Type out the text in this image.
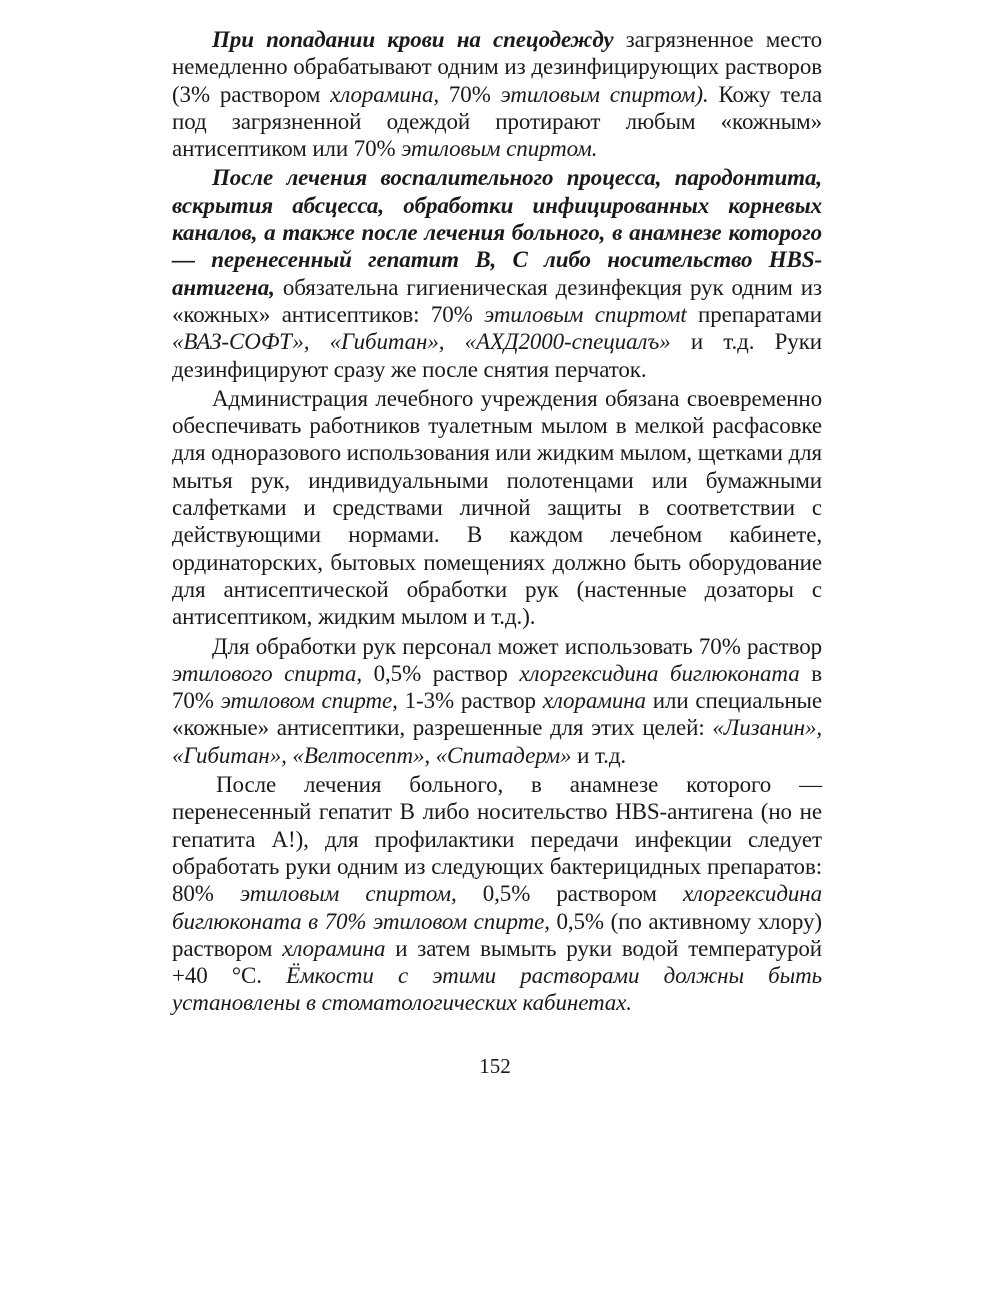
При попадании крови на спецодежду загрязненное место немедленно обрабатывают одним из дезинфицирующих растворов (3% раствором хлорамина, 70% этиловым спиртом). Кожу тела под загрязненной одеждой протирают любым «кожным» антисептиком или 70% этиловым спиртом.

После лечения воспалительного процесса, пародонтита, вскрытия абсцесса, обработки инфицированных корневых каналов, а также после лечения больного, в анамнезе которого — перенесенный гепатит В, С либо носительство HBS-антигена, обязательна гигиеническая дезинфекция рук одним из «кожных» антисептиков: 70% этиловым спиртомt препаратами «ВАЗ-СОФТ», «Гибитан», «АХД2000-специалъ» и т.д. Руки дезинфицируют сразу же после снятия перчаток.

Администрация лечебного учреждения обязана своевременно обеспечивать работников туалетным мылом в мелкой расфасовке для одноразового использования или жидким мылом, щетками для мытья рук, индивидуальными полотенцами или бумажными салфетками и средствами личной защиты в соответствии с действующими нормами. В каждом лечебном кабинете, ординаторских, бытовых помещениях должно быть оборудование для антисептической обработки рук (настенные дозаторы с антисептиком, жидким мылом и т.д.).

Для обработки рук персонал может использовать 70% раствор этилового спирта, 0,5% раствор хлоргексидина биглюконата в 70% этиловом спирте, 1-3% раствор хлорамина или специальные «кожные» антисептики, разрешенные для этих целей: «Лизанин», «Гибитан», «Велтосепт», «Спитадерм» и т.д.

После лечения больного, в анамнезе которого — перенесенный гепатит В либо носительство HBS-антигена (но не гепатита А!), для профилактики передачи инфекции следует обработать руки одним из следующих бактерицидных препаратов: 80% этиловым спиртом, 0,5% раствором хлоргексидина биглюконата в 70% этиловом спирте, 0,5% (по активному хлору) раствором хлорамина и затем вымыть руки водой температурой +40 °С. Ёмкости с этими растворами должны быть установлены в стоматологических кабинетах.

152
